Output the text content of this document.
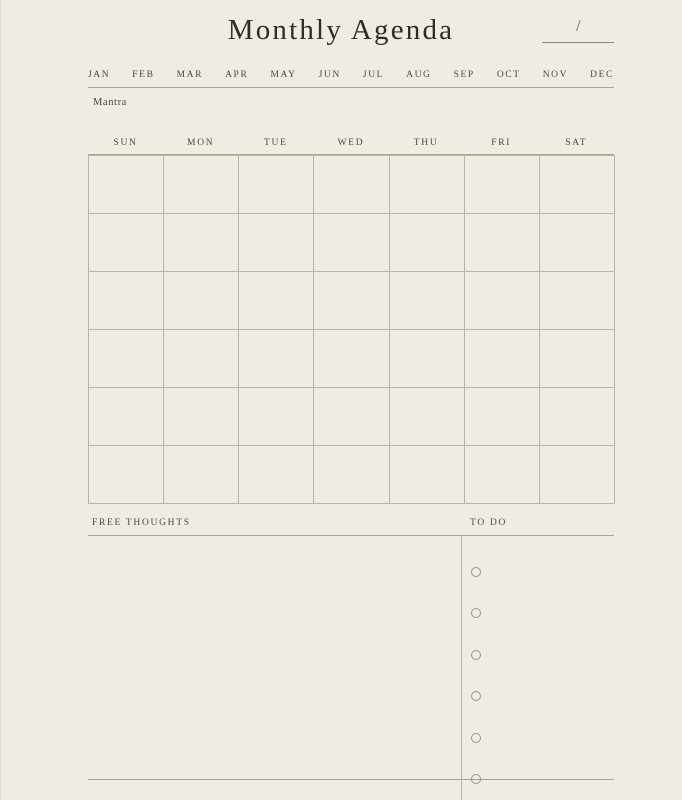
Monthly Agenda	/
JAN FEB MAR APR MAY JUN JUL AUG SEP OCT NOV DEC
Mantra
SUN	MON	TUE	WED	THU	FRI	SAT
FREE THOUGHTS	TO DO
